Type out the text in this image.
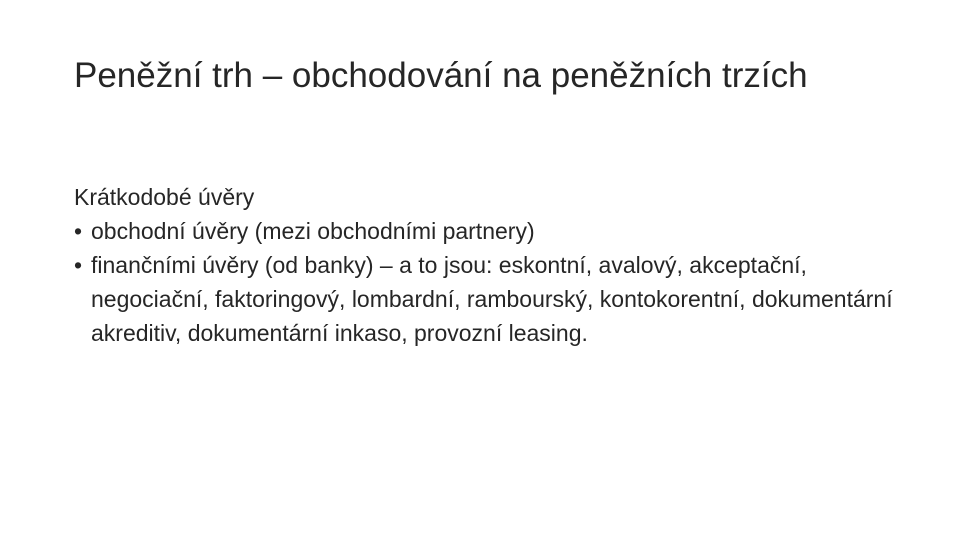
Peněžní trh – obchodování na peněžních trzích

Krátkodobé úvěry

• obchodní úvěry (mezi obchodními partnery)
• finančními úvěry (od banky) – a to jsou: eskontní, avalový, akceptační, negociační, faktoringový, lombardní, rambourský, kontokorentní, dokumentární akreditiv, dokumentární inkaso, provozní leasing.
